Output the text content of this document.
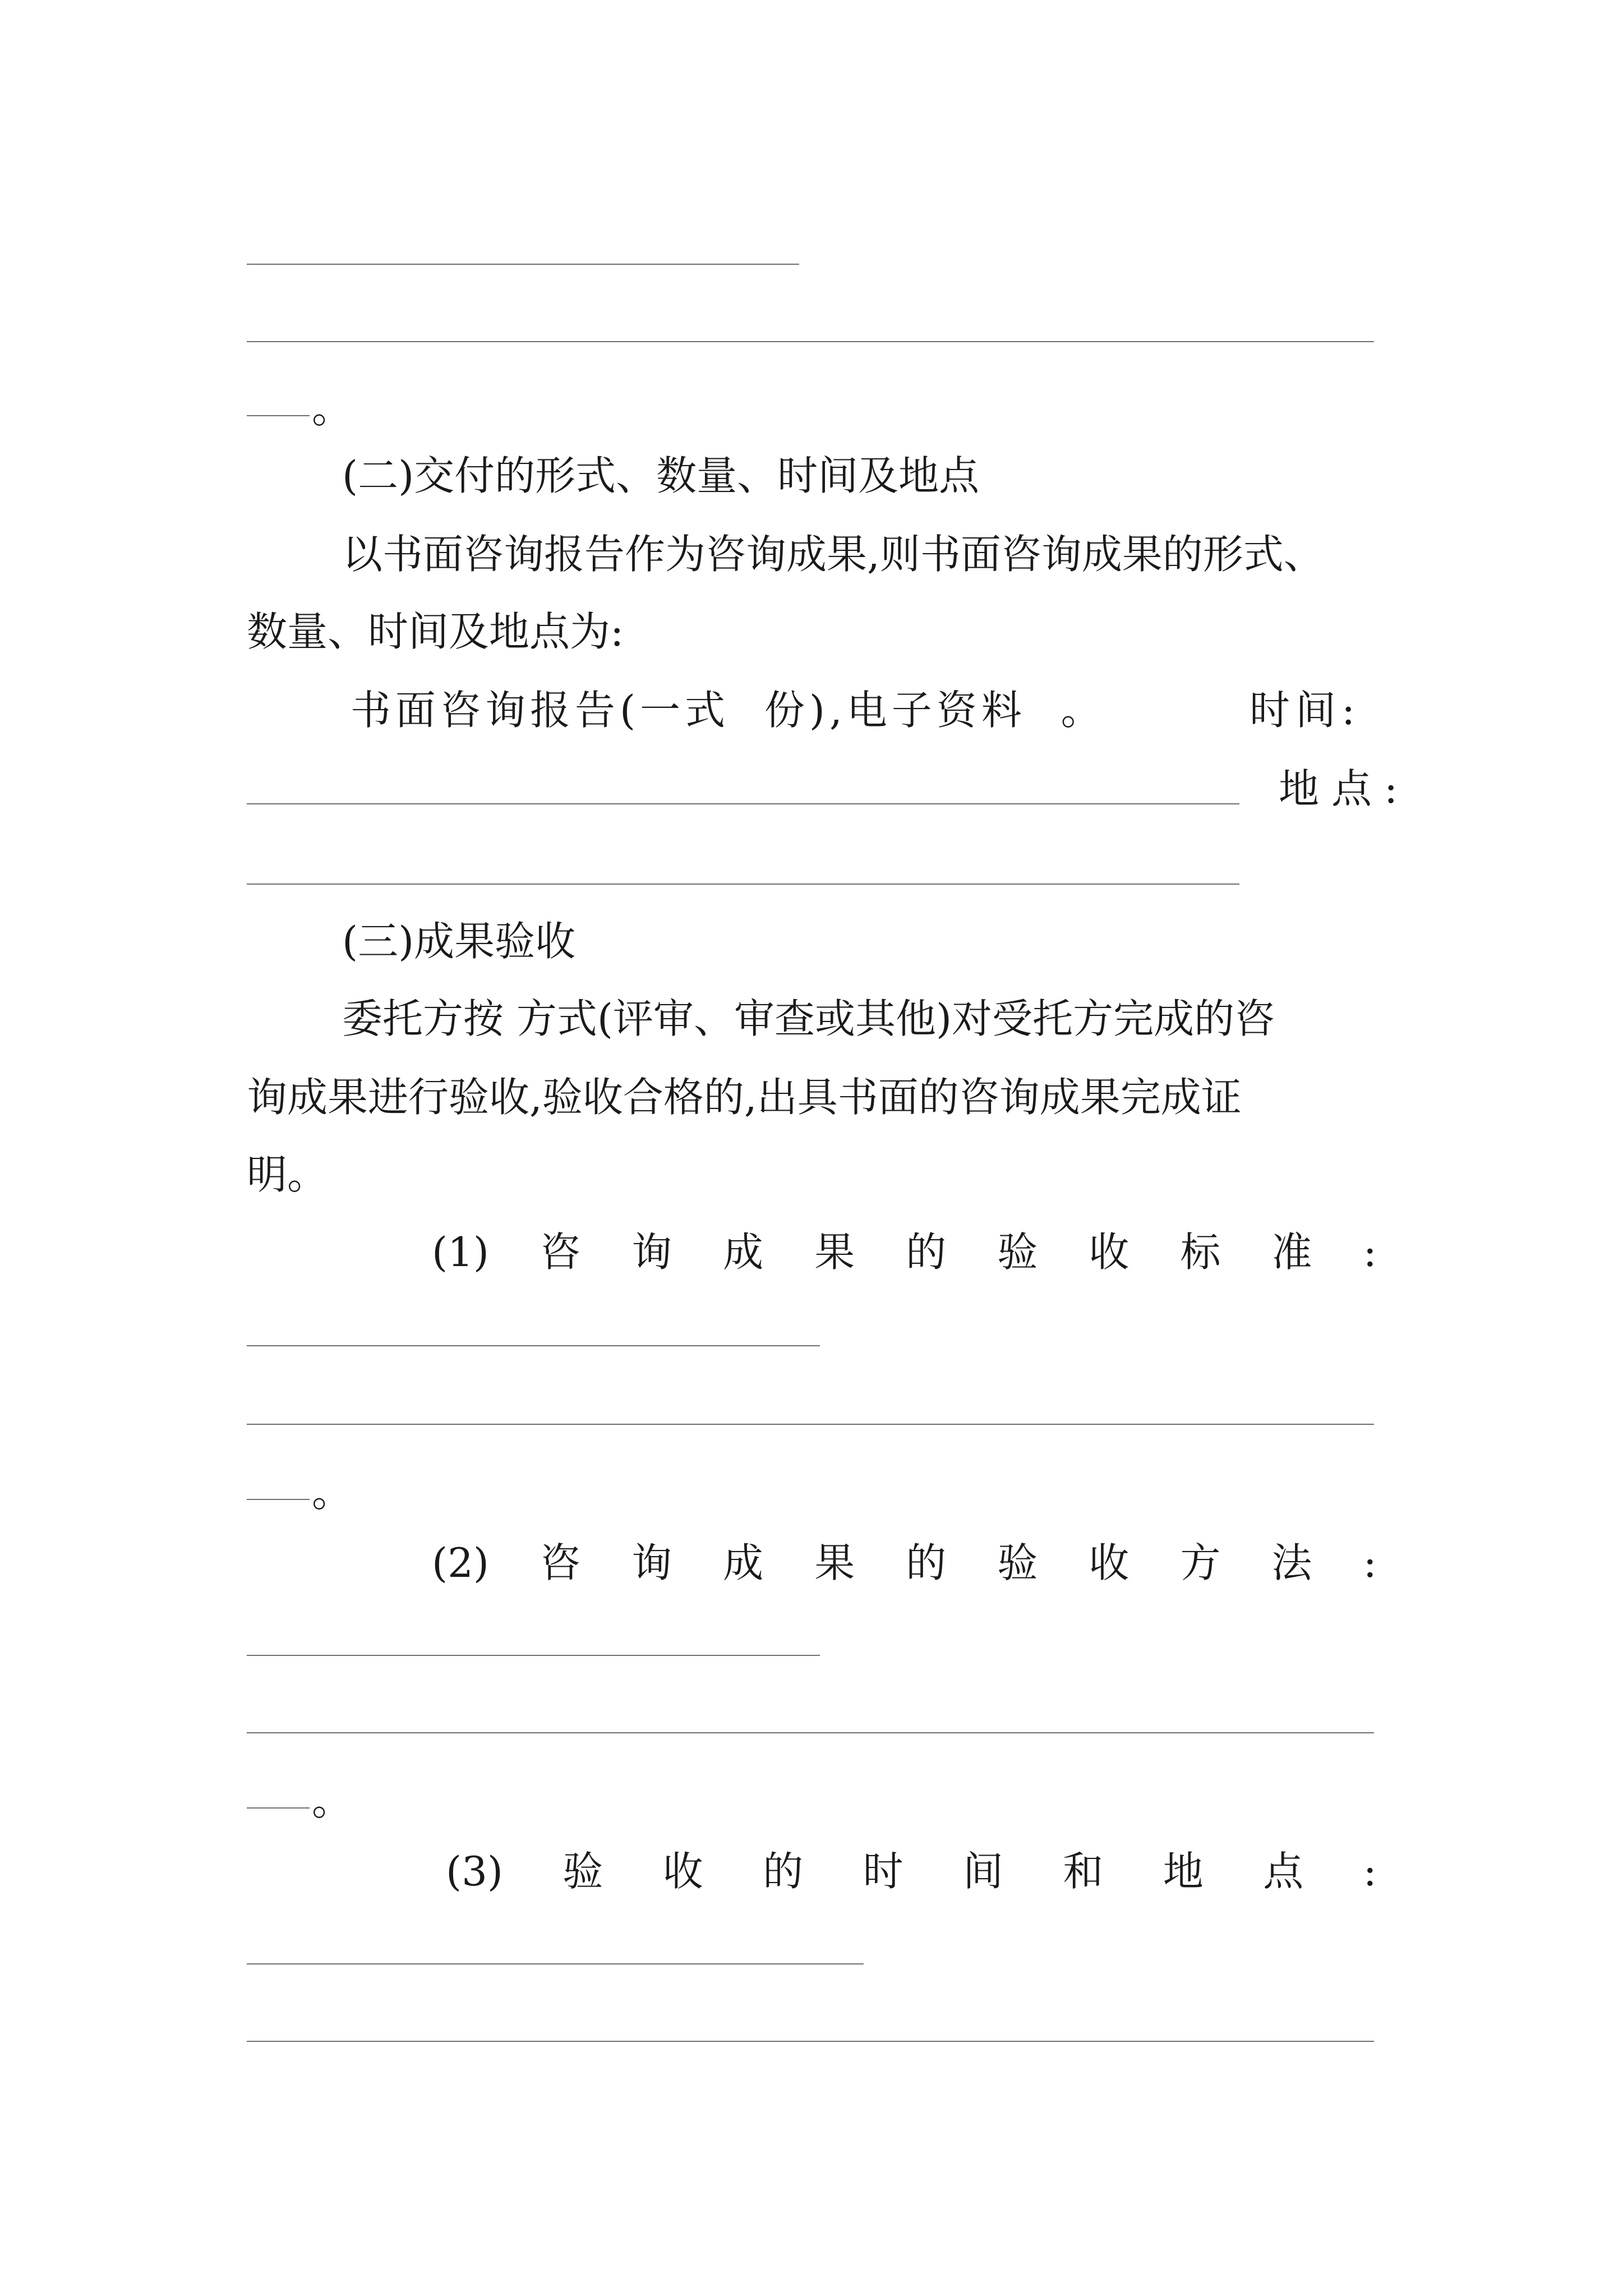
。
(二)交付的形式、数量、时间及地点
以书面咨询报告作为咨询成果,则书面咨询成果的形式、
数量、时间及地点为:
书面咨询报告(一式  份),电子资料  。	时间:
地点:
(三)成果验收
委托方按 方式(评审、审查或其他)对受托方完成的咨
询成果进行验收,验收合格的,出具书面的咨询成果完成证
明。
(1) 咨 询 成 果 的 验 收 标 准 :
。
(2) 咨 询 成 果 的 验 收 方 法 :
。
(3) 验 收 的 时 间 和 地 点 :
